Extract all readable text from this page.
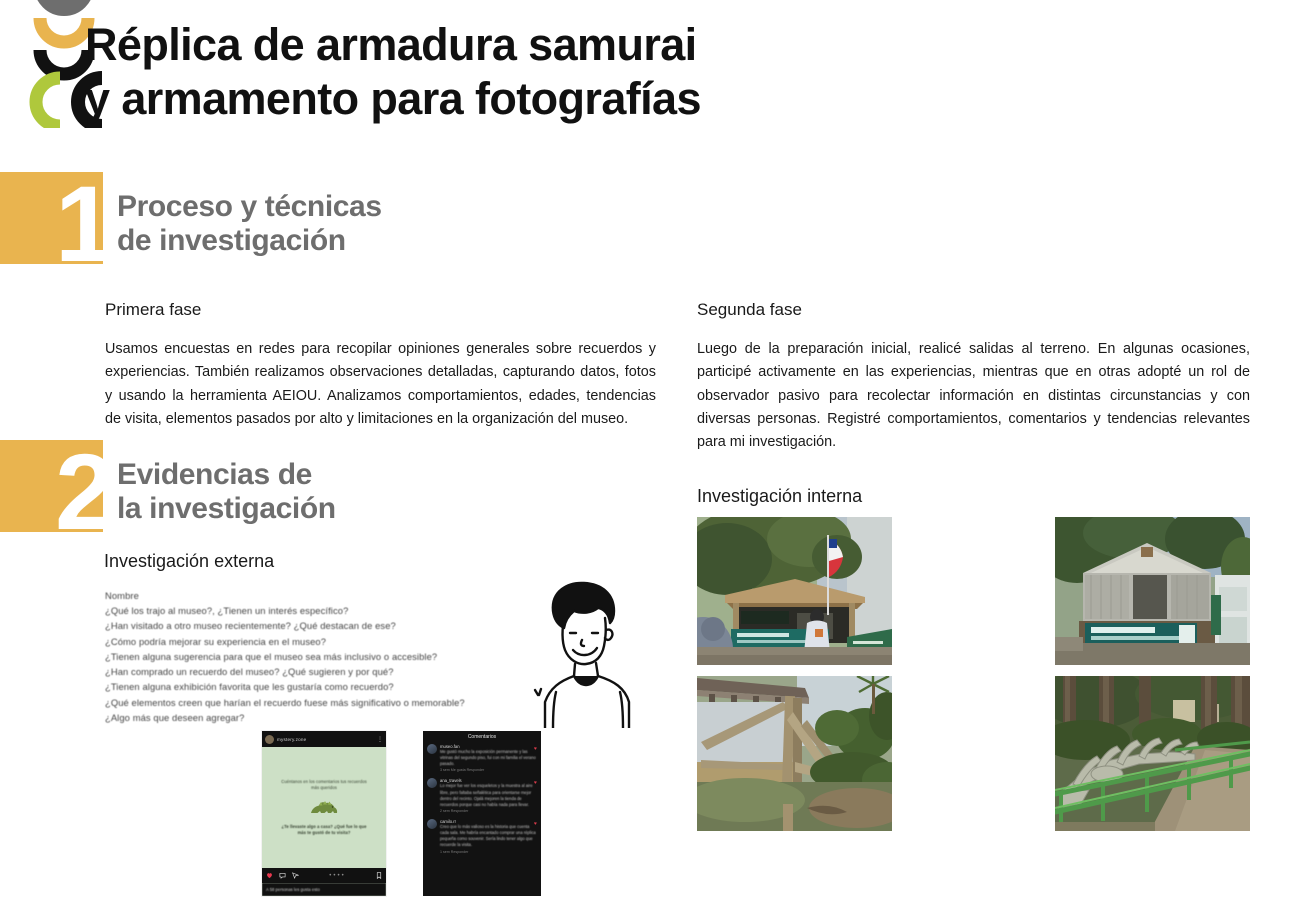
Réplica de armadura samurai
y armamento para fotografías
1 Proceso y técnicas
de investigación
Primera fase
Usamos encuestas en redes para recopilar opiniones generales sobre recuerdos y experiencias. También realizamos observaciones detalladas, capturando datos, fotos y usando la herramienta AEIOU. Analizamos comportamientos, edades, tendencias de visita, elementos pasados por alto y limitaciones en la organización del museo.
Segunda fase
Luego de la preparación inicial, realicé salidas al terreno. En algunas ocasiones, participé activamente en las experiencias, mientras que en otras adopté un rol de observador pasivo para recolectar información en distintas circunstancias y con diversas personas. Registré comportamientos, comentarios y tendencias relevantes para mi investigación.
2 Evidencias de
la investigación
Investigación externa
Investigación interna
Nombre
¿Qué los trajo al museo?, ¿Tienen un interés específico?
¿Han visitado a otro museo recientemente? ¿Qué destacan de ese?
¿Cómo podría mejorar su experiencia en el museo?
¿Tienen alguna sugerencia para que el museo sea más inclusivo o accesible?
¿Han comprado un recuerdo del museo? ¿Qué sugieren y por qué?
¿Tienen alguna exhibición favorita que les gustaría como recuerdo?
¿Qué elementos creen que harían el recuerdo fuese más significativo o memorable?
¿Algo más que deseen agregar?
mystery.zone	⋮
Cuéntanos en los comentarios tus recuerdos más queridos
¿Te llevaste algo a casa? ¿Qué fue lo que más te gustó de tu visita?
••••
A 58 personas les gusta esto
Comentarios
museo.fan
Me gustó mucho la exposición permanente y las vitrinas del segundo piso, fui con mi familia el verano pasado.
3 sem Me gusta Responder
♥
ana_travels
Lo mejor fue ver los esqueletos y la muestra al aire libre, pero faltaba señalética para orientarse mejor dentro del recinto. Ojalá mejoren la tienda de recuerdos porque casi no había nada para llevar.
2 sem Responder
♥
camilo.rr
Creo que lo más valioso es la historia que cuenta cada sala. Me habría encantado comprar una réplica pequeña como souvenir. Sería lindo tener algo que recuerde la visita.
1 sem Responder
♥
